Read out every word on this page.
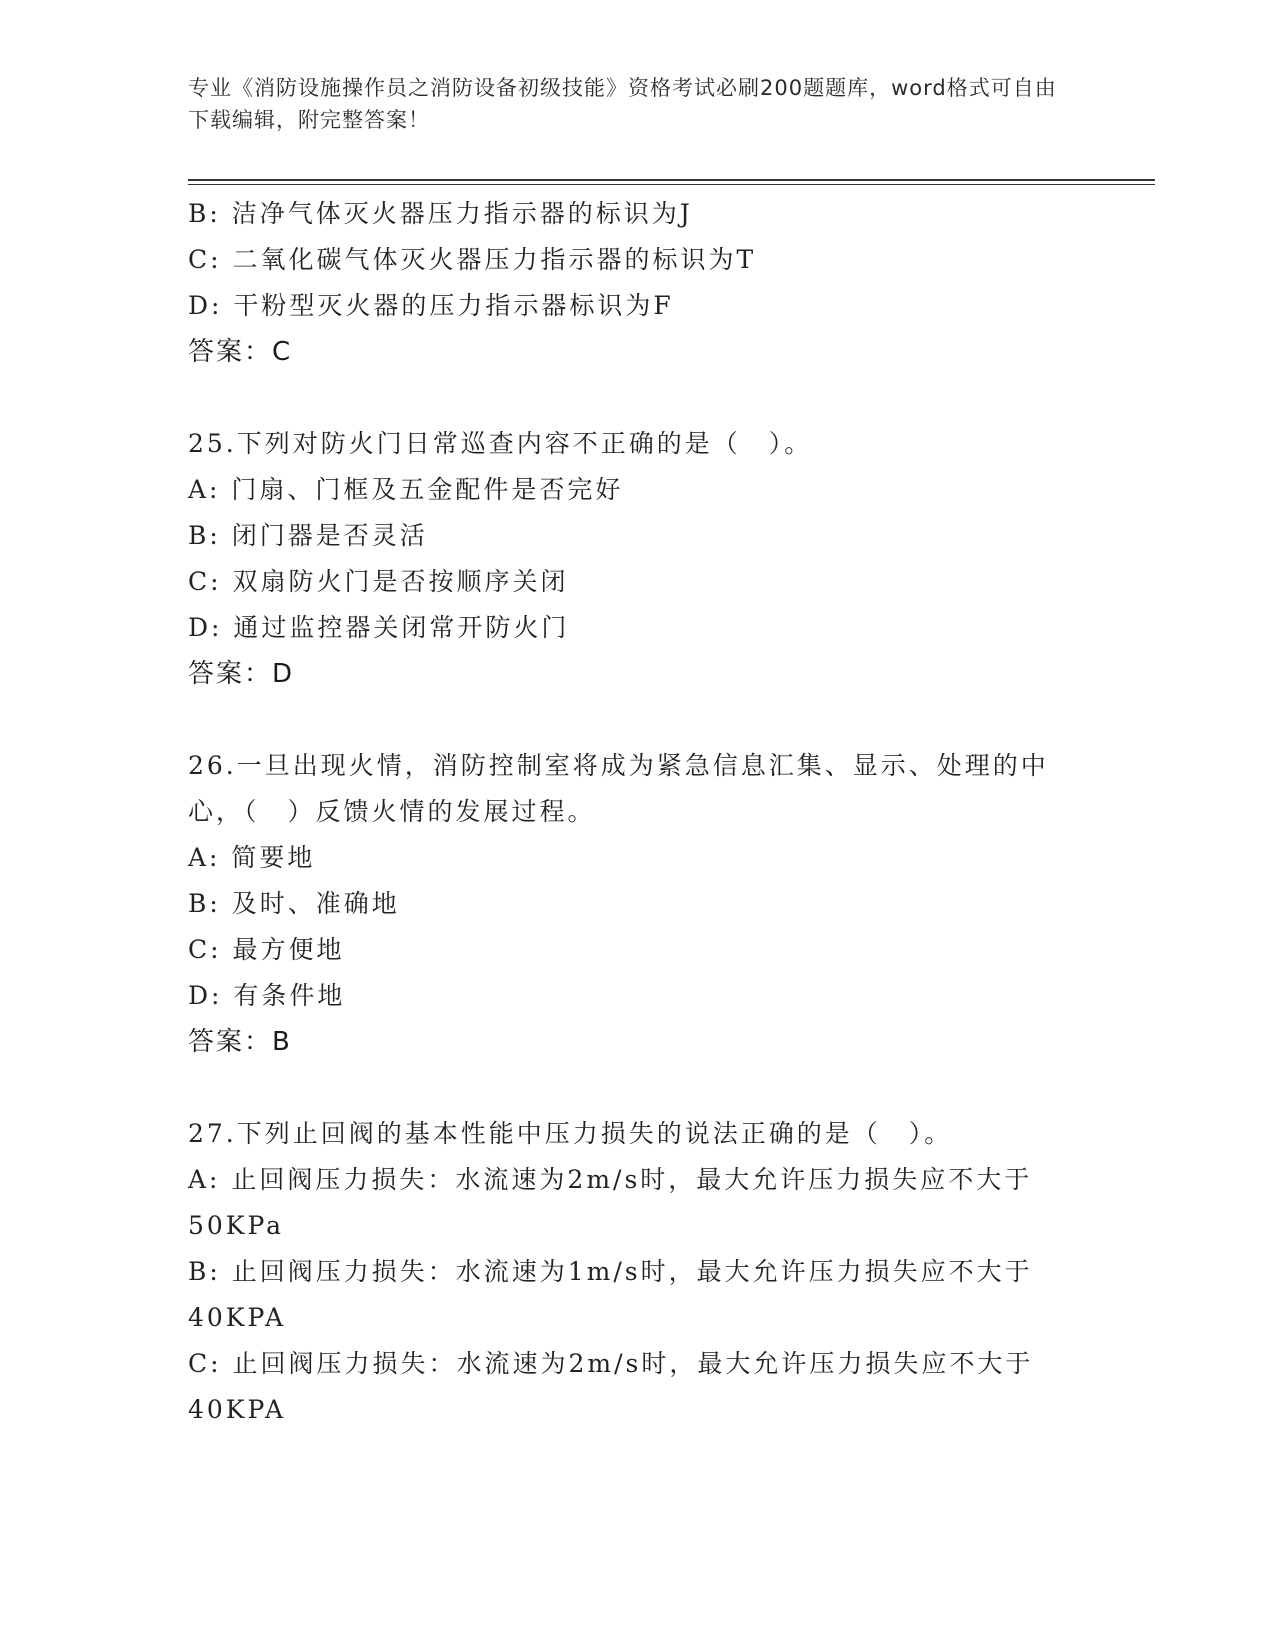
专业《消防设施操作员之消防设备初级技能》资格考试必刷200题题库，word格式可自由下载编辑，附完整答案！
B: 洁净气体灭火器压力指示器的标识为J
C: 二氧化碳气体灭火器压力指示器的标识为T
D: 干粉型灭火器的压力指示器标识为F
答案：C
25.下列对防火门日常巡查内容不正确的是（　）。
A: 门扇、门框及五金配件是否完好
B: 闭门器是否灵活
C: 双扇防火门是否按顺序关闭
D: 通过监控器关闭常开防火门
答案：D
26.一旦出现火情，消防控制室将成为紧急信息汇集、显示、处理的中心，（　）反馈火情的发展过程。
A: 简要地
B: 及时、准确地
C: 最方便地
D: 有条件地
答案：B
27.下列止回阀的基本性能中压力损失的说法正确的是（　）。
A: 止回阀压力损失：水流速为2m/s时，最大允许压力损失应不大于50KPa
B: 止回阀压力损失：水流速为1m/s时，最大允许压力损失应不大于40KPA
C: 止回阀压力损失：水流速为2m/s时，最大允许压力损失应不大于40KPA
